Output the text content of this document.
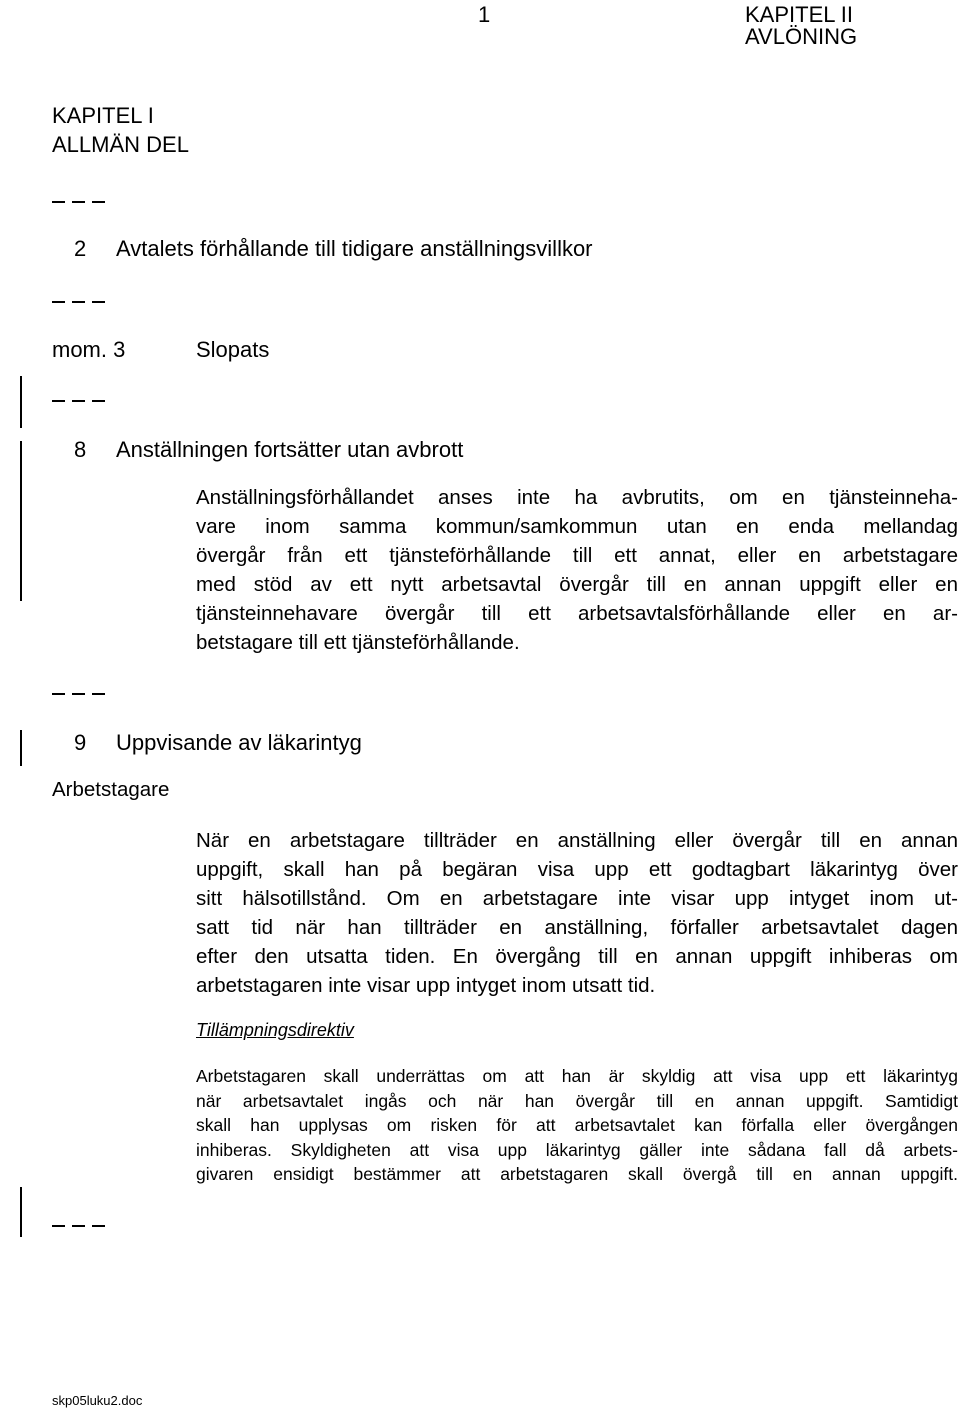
1	KAPITEL II
AVLÖNING
KAPITEL I
ALLMÄN DEL
2 Avtalets förhållande till tidigare anställningsvillkor
mom. 3	Slopats
8 Anställningen fortsätter utan avbrott
Anställningsförhållandet anses inte ha avbrutits, om en tjänsteinneha-
vare inom samma kommun/samkommun utan en enda mellandag
övergår från ett tjänsteförhållande till ett annat, eller en arbetstagare
med stöd av ett nytt arbetsavtal övergår till en annan uppgift eller en
tjänsteinnehavare övergår till ett arbetsavtalsförhållande eller en ar-
betstagare till ett tjänsteförhållande.
9 Uppvisande av läkarintyg
Arbetstagare
När en arbetstagare tillträder en anställning eller övergår till en annan
uppgift, skall han på begäran visa upp ett godtagbart läkarintyg över
sitt hälsotillstånd. Om en arbetstagare inte visar upp intyget inom ut-
satt tid när han tillträder en anställning, förfaller arbetsavtalet dagen
efter den utsatta tiden. En övergång till en annan uppgift inhiberas om
arbetstagaren inte visar upp intyget inom utsatt tid.
Tillämpningsdirektiv
Arbetstagaren skall underrättas om att han är skyldig att visa upp ett läkarintyg
när arbetsavtalet ingås och när han övergår till en annan uppgift. Samtidigt
skall han upplysas om risken för att arbetsavtalet kan förfalla eller övergången
inhiberas. Skyldigheten att visa upp läkarintyg gäller inte sådana fall då arbets-
givaren ensidigt bestämmer att arbetstagaren skall övergå till en annan uppgift.
skp05luku2.doc
